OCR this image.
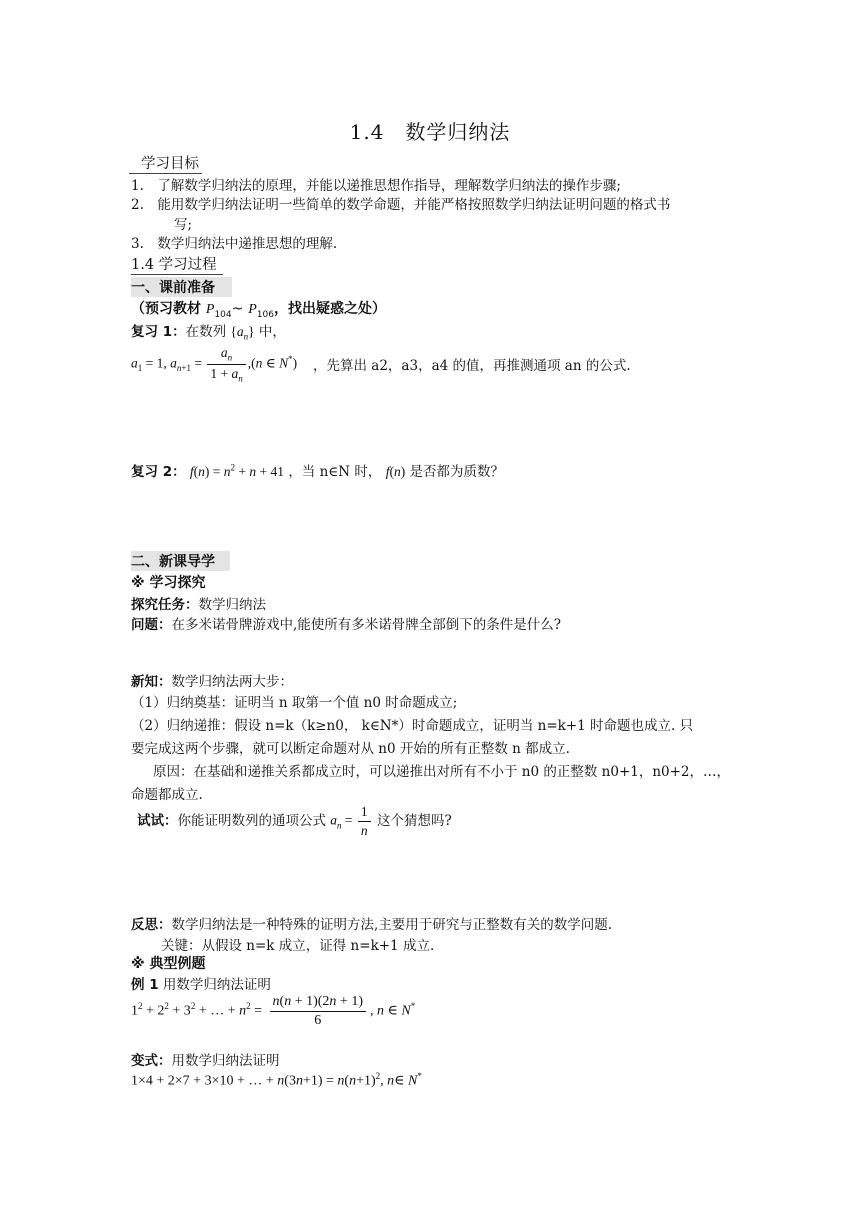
1.4　数学归纳法
学习目标
1.　了解数学归纳法的原理，并能以递推思想作指导，理解数学归纳法的操作步骤;
2.　能用数学归纳法证明一些简单的数学命题，并能严格按照数学归纳法证明问题的格式书
写;
3.　数学归纳法中递推思想的理解.
1.4 学习过程
一、课前准备
（预习教材 $P_{104}\sim$ $P_{106}$，找出疑惑之处）
复习 1：在数列 $\{a_n\}$ 中，
$a_1 = 1$, $a_{n+1} = \frac{a_n}{1 + a_n} ,(n$ ∈ N*) ，先算出 a2，a3，a4 的值，再推测通项 an 的公式.
复习 2： $f(n) = n^2 + n + 41$ ，当 n∈N 时， f(n) 是否都为质数？
二、新课导学
※ 学习探究
探究任务：数学归纳法
问题：在多米诺骨牌游戏中,能使所有多米诺骨牌全部倒下的条件是什么?
新知：数学归纳法两大步：
（1）归纳奠基：证明当 n 取第一个值 n0 时命题成立;
（2）归纳递推：假设 n=k（k≥n0， k∈N*）时命题成立，证明当 n=k+1 时命题也成立. 只
要完成这两个步骤，就可以断定命题对从 n0 开始的所有正整数 n 都成立.
原因：在基础和递推关系都成立时，可以递推出对所有不小于 n0 的正整数 n0+1，n0+2，…，
命题都成立.
试试：你能证明数列的通项公式 $a_n = \frac{1}{n}$ 这个猜想吗?
反思：数学归纳法是一种特殊的证明方法,主要用于研究与正整数有关的数学问题.
关键：从假设 n=k 成立，证得 n=k+1 成立.
※ 典型例题
例 1 用数学归纳法证明
$1^2 + 2^2 + 3^2$ + … + $n^2 = \frac{n(n + 1)(2n + 1)}{6}$ , n ∈ N*
变式：用数学归纳法证明
1×4 + 2×7 + 3×10 + … + $n(3n+1) = n(n+1)^2$, n∈ N*
